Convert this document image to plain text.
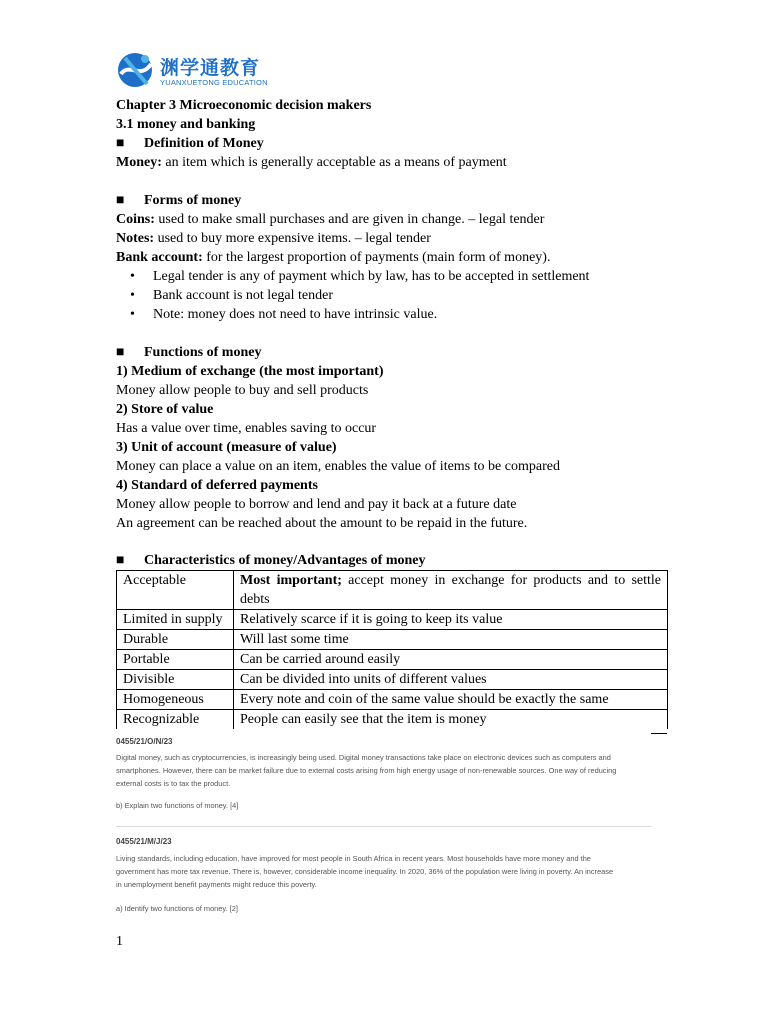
渊学通教育
YUANXUETONG EDUCATION
Chapter 3 Microeconomic decision makers
3.1 money and banking
■ Definition of Money
Money: an item which is generally acceptable as a means of payment
■ Forms of money
Coins: used to make small purchases and are given in change. – legal tender
Notes: used to buy more expensive items. – legal tender
Bank account: for the largest proportion of payments (main form of money).
• Legal tender is any of payment which by law, has to be accepted in settlement
• Bank account is not legal tender
• Note: money does not need to have intrinsic value.
■ Functions of money
1) Medium of exchange (the most important)
Money allow people to buy and sell products
2) Store of value
Has a value over time, enables saving to occur
3) Unit of account (measure of value)
Money can place a value on an item, enables the value of items to be compared
4) Standard of deferred payments
Money allow people to borrow and lend and pay it back at a future date
An agreement can be reached about the amount to be repaid in the future.
■ Characteristics of money/Advantages of money
Acceptable	Most important; accept money in exchange for products and to settle debts
Limited in supply	Relatively scarce if it is going to keep its value
Durable	Will last some time
Portable	Can be carried around easily
Divisible	Can be divided into units of different values
Homogeneous	Every note and coin of the same value should be exactly the same
Recognizable	People can easily see that the item is money
0455/21/O/N/23
Digital money, such as cryptocurrencies, is increasingly being used. Digital money transactions take place on electronic devices such as computers and
smartphones. However, there can be market failure due to external costs arising from high energy usage of non-renewable sources. One way of reducing
external costs is to tax the product.
b) Explain two functions of money. [4]
0455/21/M/J/23
Living standards, including education, have improved for most people in South Africa in recent years. Most households have more money and the
government has more tax revenue. There is, however, considerable income inequality. In 2020, 36% of the population were living in poverty. An increase
in unemployment benefit payments might reduce this poverty.
a) Identify two functions of money. [2]
1
